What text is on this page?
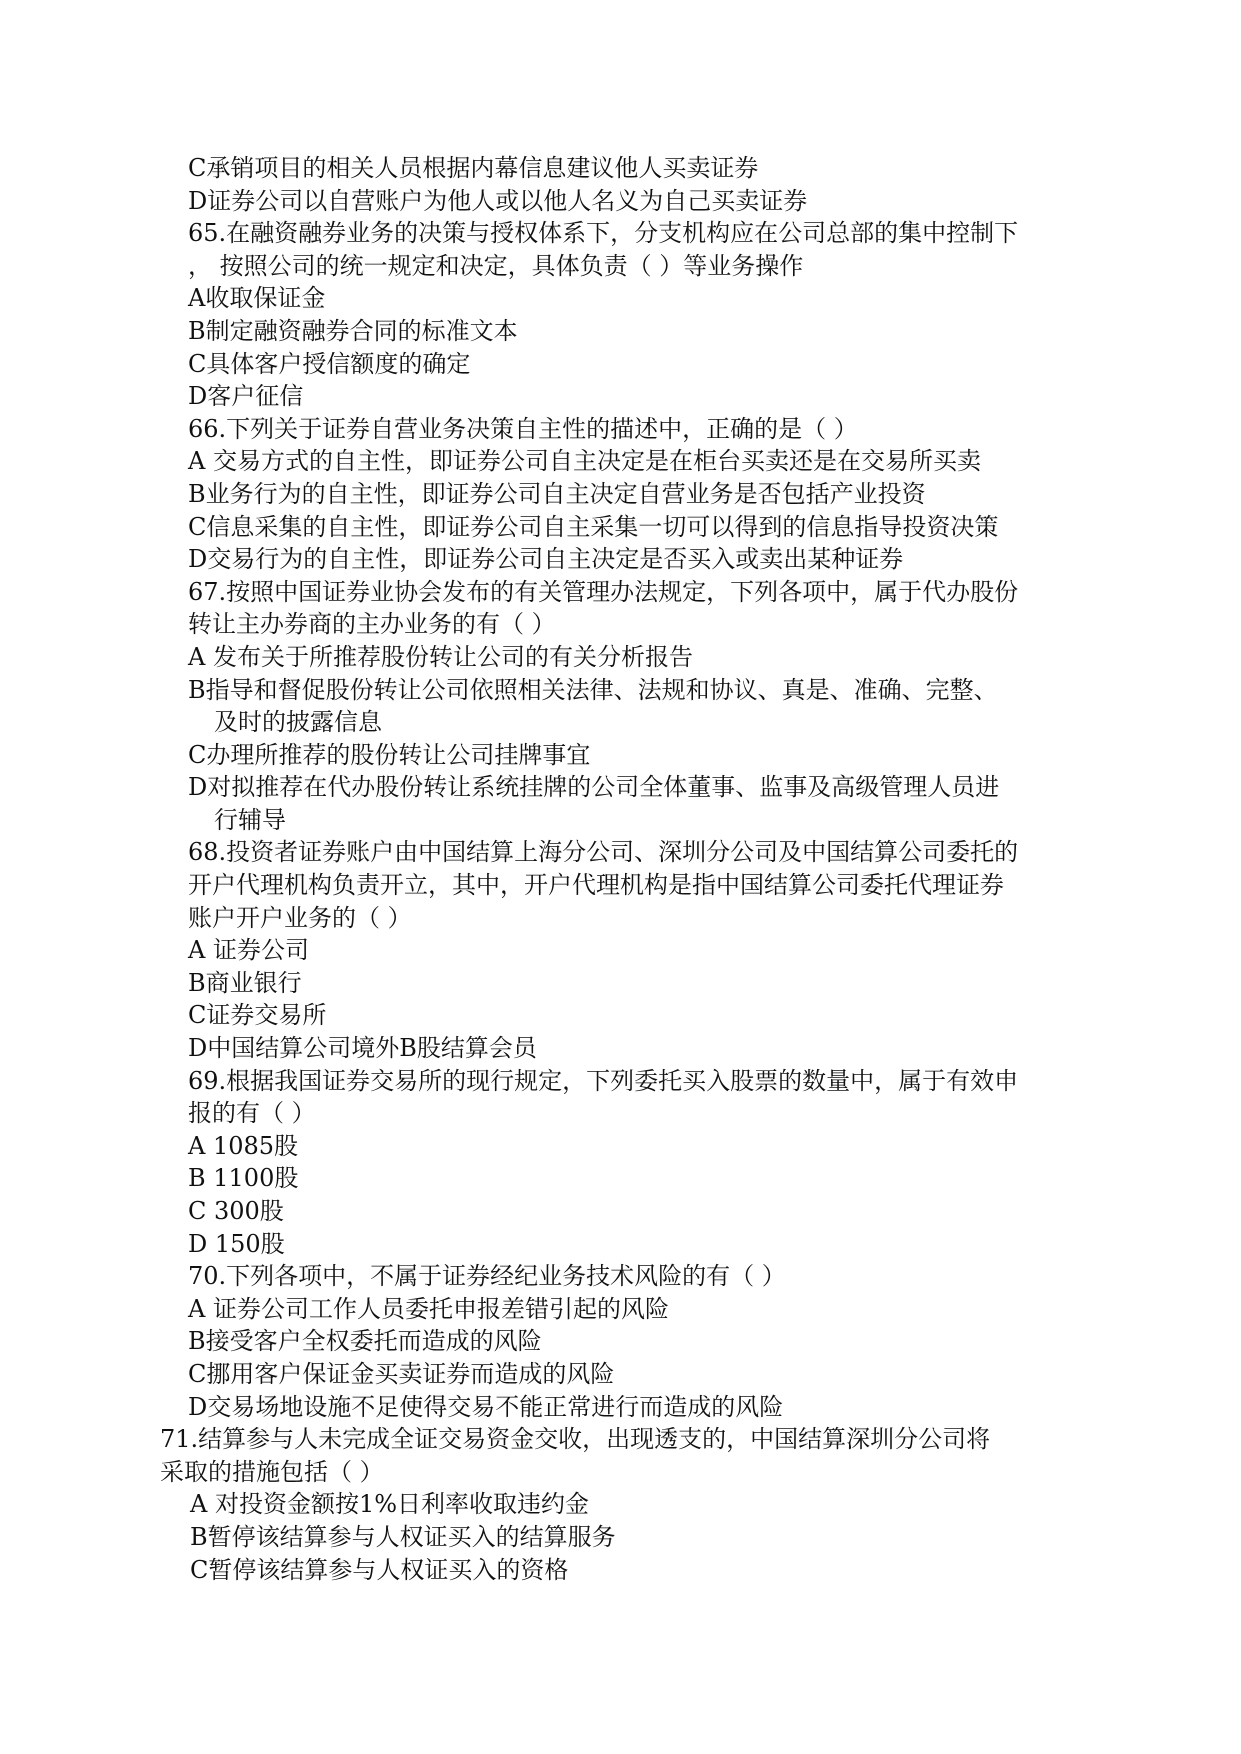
C承销项目的相关人员根据内幕信息建议他人买卖证券
D证券公司以自营账户为他人或以他人名义为自己买卖证券
65.在融资融券业务的决策与授权体系下，分支机构应在公司总部的集中控制下
， 按照公司的统一规定和决定，具体负责（ ）等业务操作
A收取保证金
B制定融资融券合同的标准文本
C具体客户授信额度的确定
D客户征信
66.下列关于证券自营业务决策自主性的描述中，正确的是（ ）
A 交易方式的自主性，即证券公司自主决定是在柜台买卖还是在交易所买卖
B业务行为的自主性，即证券公司自主决定自营业务是否包括产业投资
C信息采集的自主性，即证券公司自主采集一切可以得到的信息指导投资决策
D交易行为的自主性，即证券公司自主决定是否买入或卖出某种证券
67.按照中国证券业协会发布的有关管理办法规定，下列各项中，属于代办股份
转让主办券商的主办业务的有（ ）
A 发布关于所推荐股份转让公司的有关分析报告
B指导和督促股份转让公司依照相关法律、法规和协议、真是、准确、完整、
及时的披露信息
C办理所推荐的股份转让公司挂牌事宜
D对拟推荐在代办股份转让系统挂牌的公司全体董事、监事及高级管理人员进
行辅导
68.投资者证券账户由中国结算上海分公司、深圳分公司及中国结算公司委托的
开户代理机构负责开立，其中，开户代理机构是指中国结算公司委托代理证券
账户开户业务的（ ）
A 证券公司
B商业银行
C证券交易所
D中国结算公司境外B股结算会员
69.根据我国证券交易所的现行规定，下列委托买入股票的数量中，属于有效申
报的有（ ）
A 1085股
B 1100股
C 300股
D 150股
70.下列各项中，不属于证券经纪业务技术风险的有（ ）
A 证券公司工作人员委托申报差错引起的风险
B接受客户全权委托而造成的风险
C挪用客户保证金买卖证券而造成的风险
D交易场地设施不足使得交易不能正常进行而造成的风险
71.结算参与人未完成全证交易资金交收，出现透支的，中国结算深圳分公司将
采取的措施包括（ ）
A 对投资金额按1%日利率收取违约金
B暂停该结算参与人权证买入的结算服务
C暂停该结算参与人权证买入的资格
